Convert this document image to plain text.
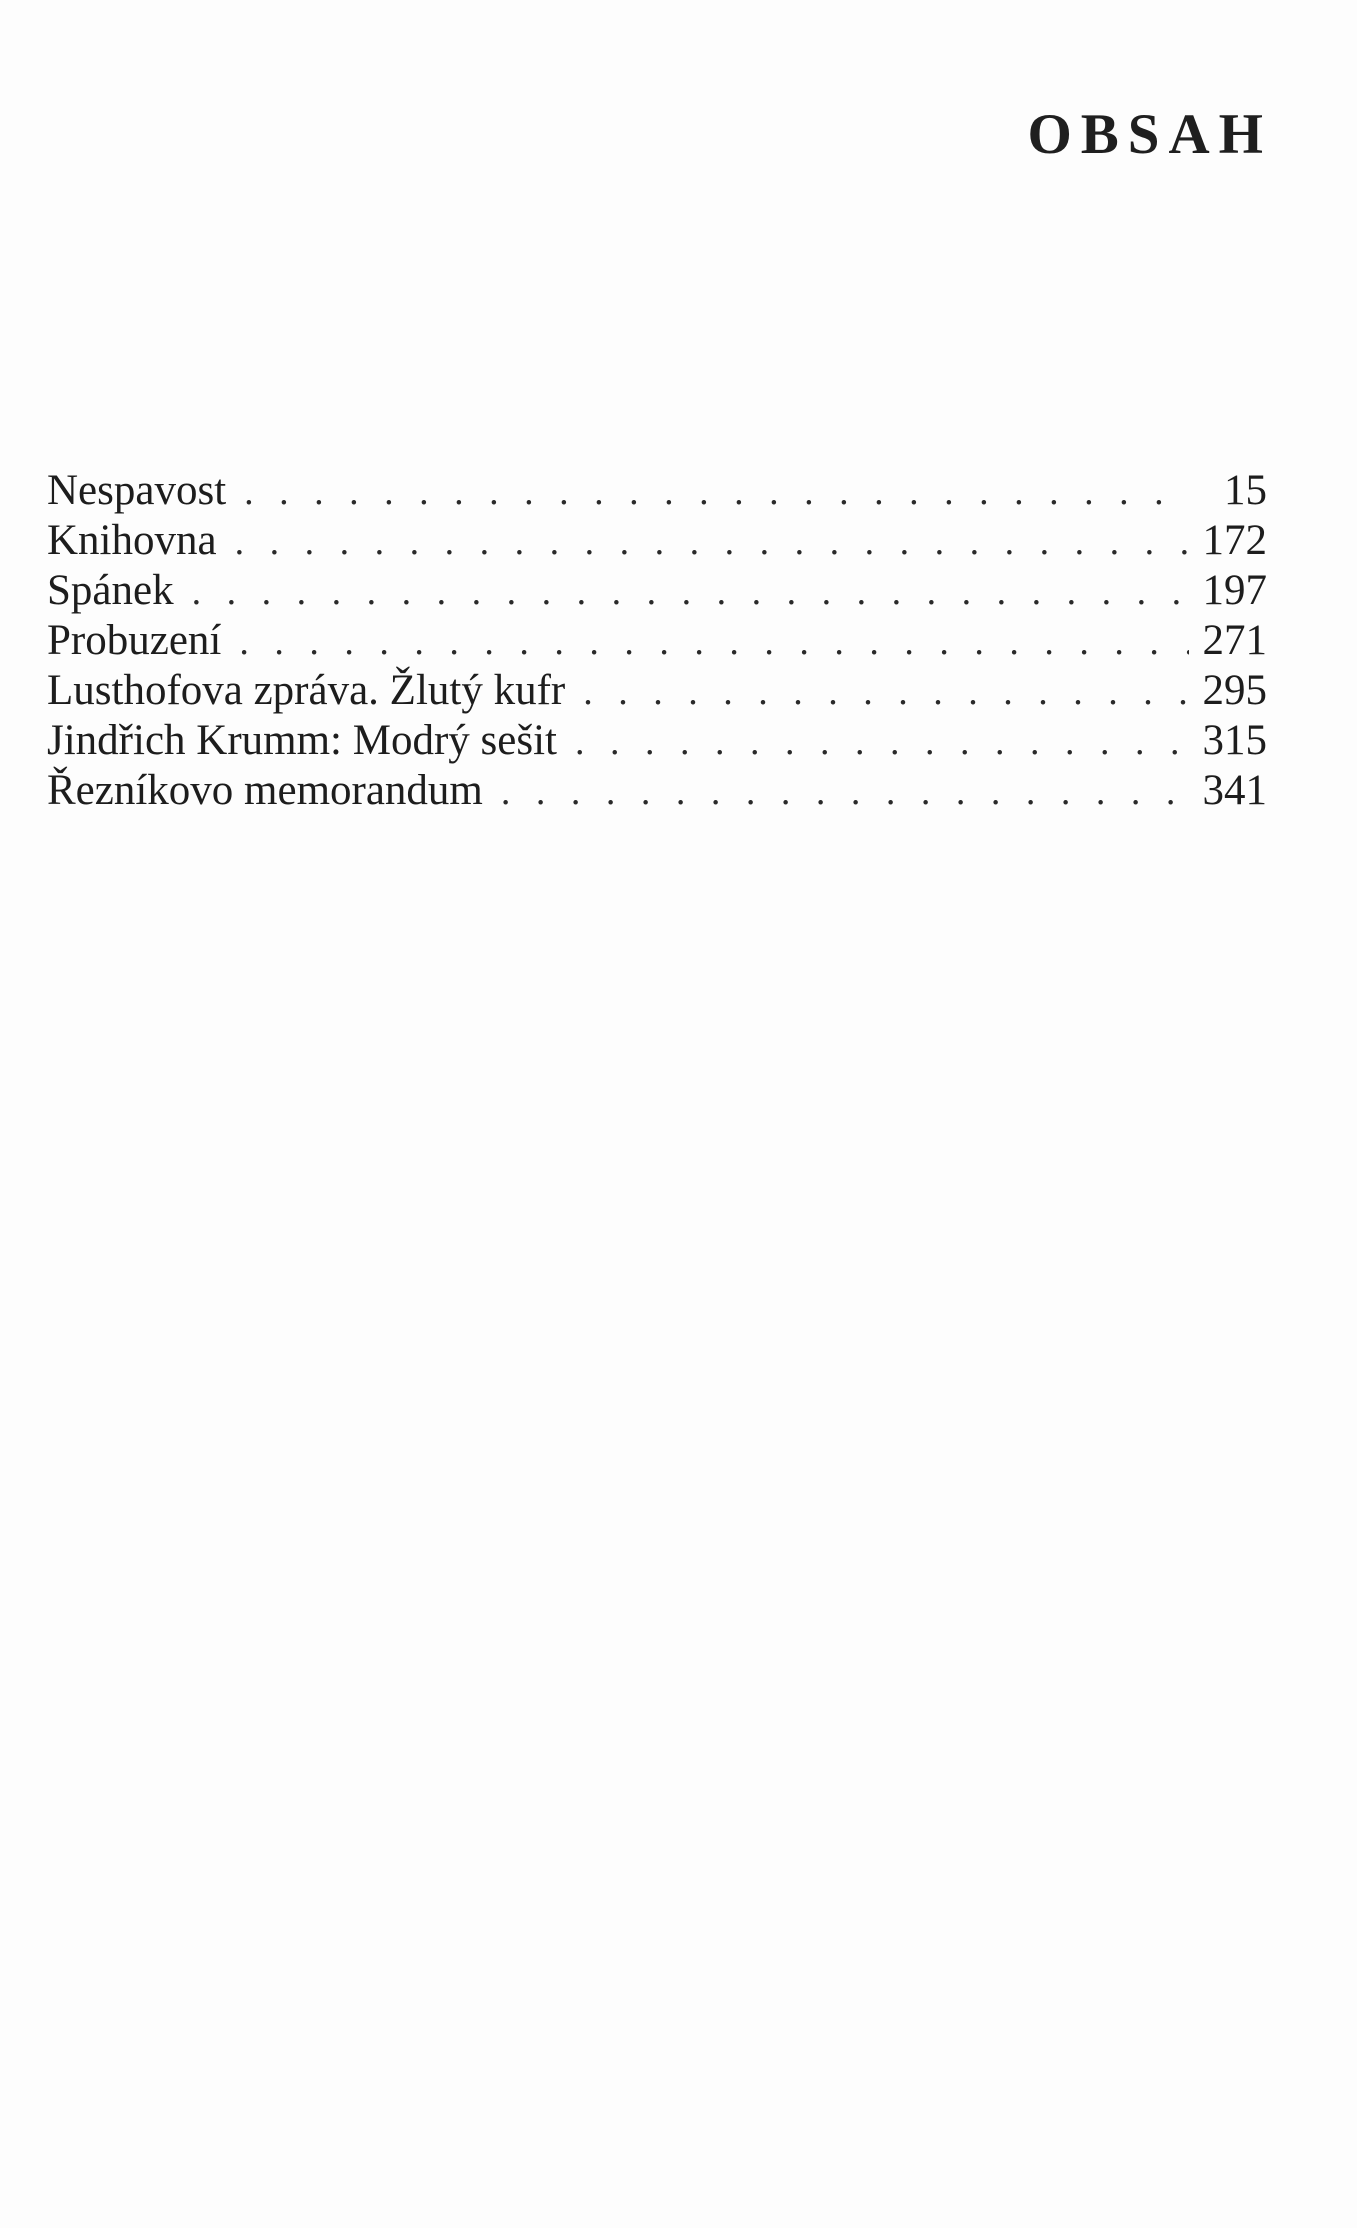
OBSAH
Nespavost . . .	15
Knihovna . . .	172
Spánek . . .	197
Probuzení . . .	271
Lusthofova zpráva. Žlutý kufr . . .	295
Jindřich Krumm: Modrý sešit . . .	315
Řezníkovo memorandum . . .	341
